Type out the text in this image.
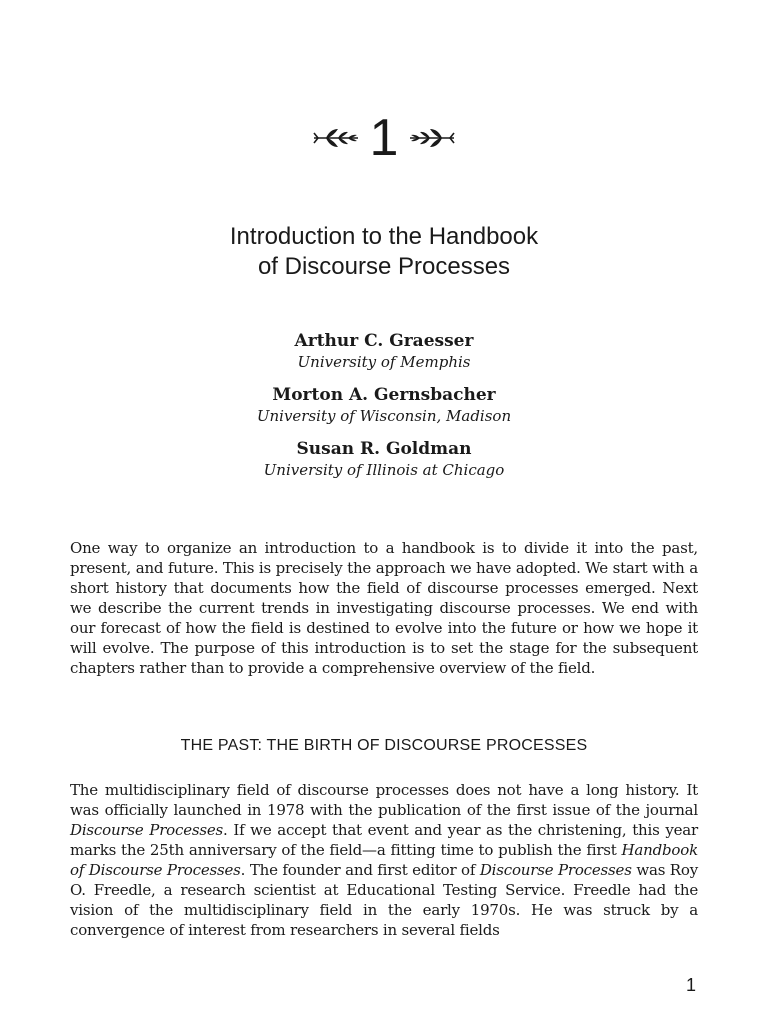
1
Introduction to the Handbook
of Discourse Processes
Arthur C. Graesser
University of Memphis
Morton A. Gernsbacher
University of Wisconsin, Madison
Susan R. Goldman
University of Illinois at Chicago

One way to organize an introduction to a handbook is to divide it into the past, present, and future. This is precisely the approach we have adopted. We start with a short history that documents how the field of discourse processes emerged. Next we describe the current trends in investigating discourse processes. We end with our forecast of how the field is destined to evolve into the future or how we hope it will evolve. The purpose of this introduction is to set the stage for the subsequent chapters rather than to provide a comprehensive overview of the field.

THE PAST: THE BIRTH OF DISCOURSE PROCESSES

The multidisciplinary field of discourse processes does not have a long history. It was officially launched in 1978 with the publication of the first issue of the journal Discourse Processes. If we accept that event and year as the christening, this year marks the 25th anniversary of the field—a fitting time to publish the first Handbook of Discourse Processes. The founder and first editor of Discourse Processes was Roy O. Freedle, a research scientist at Educational Testing Service. Freedle had the vision of the multidisciplinary field in the early 1970s. He was struck by a convergence of interest from researchers in several fields

1
